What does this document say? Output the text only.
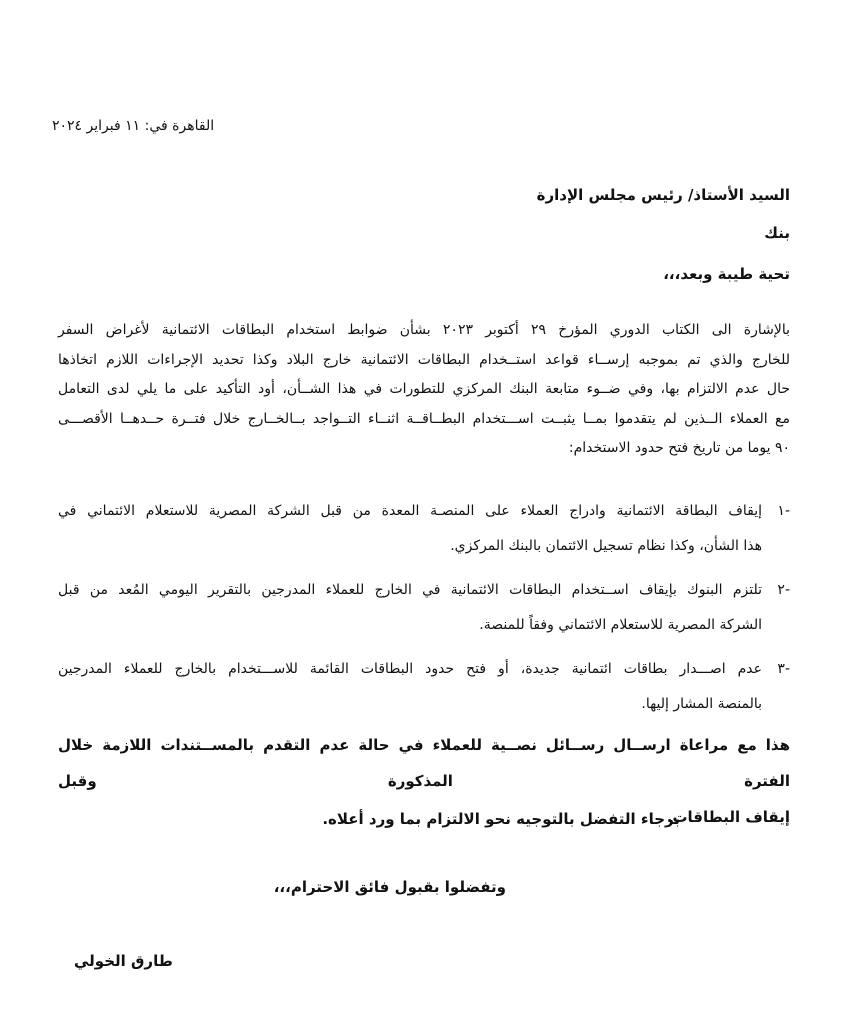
القاهرة في: ١١ فبراير ٢٠٢٤
السيد الأستاذ/ رئيس مجلس الإدارة
بنك
تحية طيبة وبعد،،،
بالإشارة الى الكتاب الدوري المؤرخ ٢٩ أكتوبر ٢٠٢٣ بشأن ضوابط استخدام البطاقات الائتمانية لأغراض السفر
للخارج والذي تم بموجبه إرســاء قواعد استــخدام البطاقات الائتمانية خارج البلاد وكذا تحديد الإجراءات اللازم اتخاذها
حال عدم الالتزام بها، وفي ضــوء متابعة البنك المركزي للتطورات في هذا الشــأن، أود التأكيد على ما يلي لدى التعامل
مع العملاء الــذين لم يتقدموا بمــا يثبــت اســـتخدام البطــاقــة اثنــاء التــواجد بــالخــارج خلال فتــرة حــدهــا الأقصـــى
٩٠ يوما من تاريخ فتح حدود الاستخدام:
-١
إيقاف البطاقة الائتمانية وادراج العملاء على المنصـة المعدة من قبل الشركة المصرية للاستعلام الائتماني في
هذا الشأن، وكذا نظام تسجيل الائتمان بالبنك المركزي.
-٢
تلتزم البنوك بإيقاف اســتخدام البطاقات الائتمانية في الخارج للعملاء المدرجين بالتقرير اليومي المُعد من قبل
الشركة المصرية للاستعلام الائتماني وفقاً للمنصة.
-٣
عدم اصـــدار بطاقات ائتمانية جديدة، أو فتح حدود البطاقات القائمة للاســـتخدام بالخارج للعملاء المدرجين
بالمنصة المشار إليها.
هذا مع مراعاة ارســال رســائل نصــية للعملاء في حالة عدم التقدم بالمســتندات اللازمة خلال الفترة المذكورة وقبل
إيقاف البطاقات.
برجاء التفضل بالتوجيه نحو الالتزام بما ورد أعلاه.
وتفضلوا بقبول فائق الاحترام،،،
طارق الخولي
